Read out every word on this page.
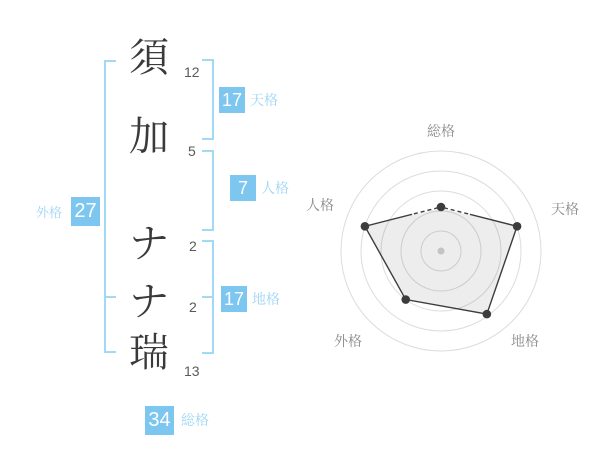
須
加
ナ
ナ
瑞
12
5
2
2
13
17 天格
7 人格
17 地格
外格 27
34 総格
総格
天格
地格
外格
人格
